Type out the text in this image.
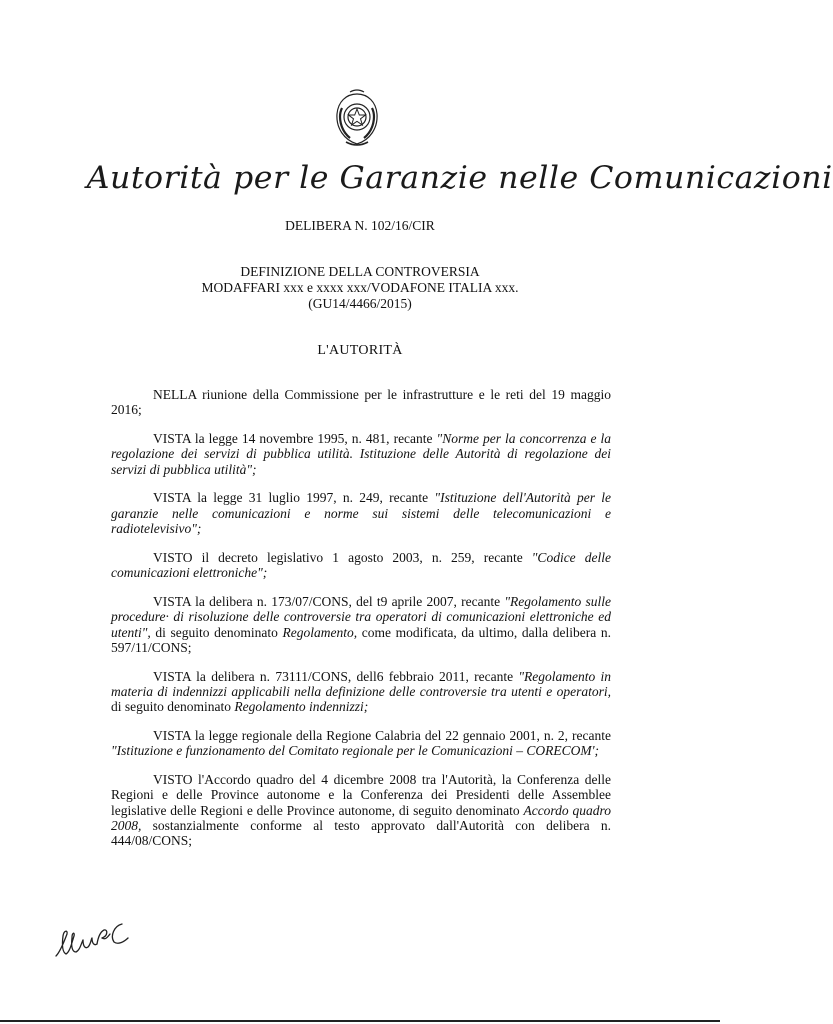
Autorità per le Garanzie nelle Comunicazioni
DELIBERA N. 102/16/CIR
DEFINIZIONE DELLA CONTROVERSIA
MODAFFARI xxx e xxxx xxx/VODAFONE ITALIA xxx.
(GU14/4466/2015)
L'AUTORITÀ

NELLA riunione della Commissione per le infrastrutture e le reti del 19 maggio 2016;

VISTA la legge 14 novembre 1995, n. 481, recante "Norme per la concorrenza e la regolazione dei servizi di pubblica utilità. Istituzione delle Autorità di regolazione dei servizi di pubblica utilità";

VISTA la legge 31 luglio 1997, n. 249, recante "Istituzione dell'Autorità per le garanzie nelle comunicazioni e norme sui sistemi delle telecomunicazioni e radiotelevisivo";

VISTO il decreto legislativo 1 agosto 2003, n. 259, recante "Codice delle comunicazioni elettroniche";

VISTA la delibera n. 173/07/CONS, del t9 aprile 2007, recante "Regolamento sulle procedure· di risoluzione delle controversie tra operatori di comunicazioni elettroniche ed utenti", di seguito denominato Regolamento, come modificata, da ultimo, dalla delibera n. 597/11/CONS;

VISTA la delibera n. 73111/CONS, dell6 febbraio 2011, recante "Regolamento in materia di indennizzi applicabili nella definizione delle controversie tra utenti e operatori, di seguito denominato Regolamento indennizzi;

VISTA la legge regionale della Regione Calabria del 22 gennaio 2001, n. 2, recante "Istituzione e funzionamento del Comitato regionale per le Comunicazioni – CORECOM';

VISTO l'Accordo quadro del 4 dicembre 2008 tra l'Autorità, la Conferenza delle Regioni e delle Province autonome e la Conferenza dei Presidenti delle Assemblee legislative delle Regioni e delle Province autonome, di seguito denominato Accordo quadro 2008, sostanzialmente conforme al testo approvato dall'Autorità con delibera n. 444/08/CONS;
